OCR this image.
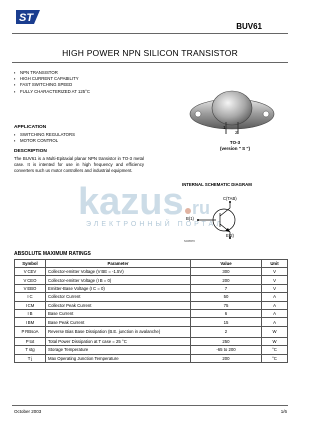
ST
BUV61
HIGH POWER NPN SILICON TRANSISTOR
▪ NPN TRANSISTOR
▪ HIGH CURRENT CAPABILITY
▪ FAST SWITCHING SPEED
▪ FULLY CHARACTERIZED AT 125°C
APPLICATION
▪ SWITCHING REGULATORS
▪ MOTOR CONTROL
DESCRIPTION
The BUV61 is a Multi-Epitaxial planar NPN transistor in TO-3 metal case. It is intented for use in high frequency and efficiency converters such us motor controllers and industrial equipment.
1
2
TO-3
(version " S ")
kazus ru
ЭЛЕКТРОННЫЙ ПОРТАЛ
INTERNAL SCHEMATIC DIAGRAM
C(TAB)
B(1)
E(2)
SC06570
ABSOLUTE MAXIMUM RATINGS
Symbol	Parameter	Value	Unit
V CEV	Collector-emitter Voltage (V BE = -1.5V)	300	V
V CEO	Collector-emitter Voltage (I B = 0)	200	V
V EBO	Emitter-Base Voltage (I C = 0)	7	V
I C	Collector Current	50	A
I CM	Collector Peak Current	75	A
I B	Base Current	6	A
I BM	Base Peak Current	15	A
P RBsoA	Reverse Bias Base Dissipation (B.E. junction in avalanche)	2	W
P tot	Total Power Dissipation at T case = 25 °C	250	W
T stg	Storage Temperature	-65 to 200	°C
T j	Max Operating Junction Temperature	200	°C
October 2003	1/6
